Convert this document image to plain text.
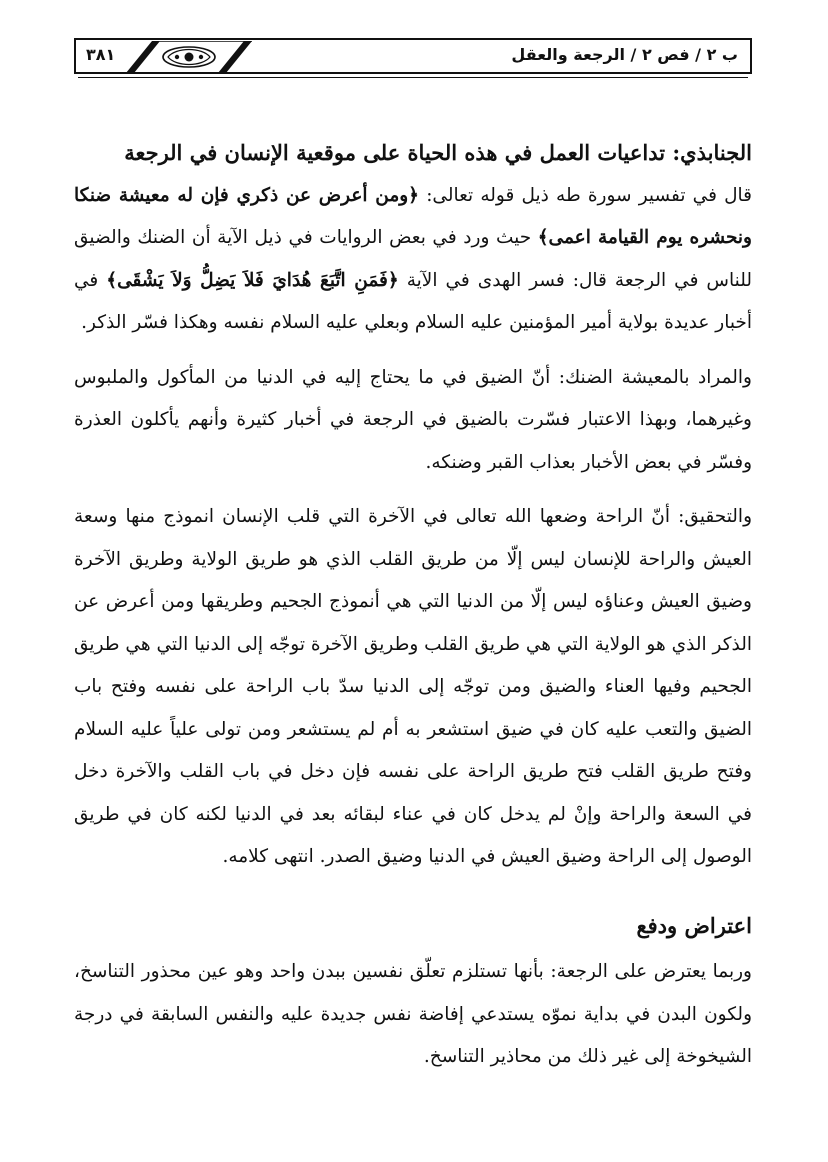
ب ٢ / فص ٢ / الرجعة والعقل
٣٨١

الجنابذي: تداعيات العمل في هذه الحياة على موقعية الإنسان في الرجعة

قال في تفسير سورة طه ذيل قوله تعالى: ﴿ومن أعرض عن ذكري فإن له معيشة ضنكا ونحشره يوم القيامة اعمى﴾ حيث ورد في بعض الروايات في ذيل الآية أن الضنك والضيق للناس في الرجعة قال: فسر الهدى في الآية ﴿فَمَنِ اتَّبَعَ هُدَايَ فَلاَ يَضِلُّ وَلاَ يَشْقَى﴾ في أخبار عديدة بولاية أمير المؤمنين عليه السلام وبعلي عليه السلام نفسه وهكذا فسّر الذكر.

والمراد بالمعيشة الضنك: أنّ الضيق في ما يحتاج إليه في الدنيا من المأكول والملبوس وغيرهما، وبهذا الاعتبار فسّرت بالضيق في الرجعة في أخبار كثيرة وأنهم يأكلون العذرة وفسّر في بعض الأخبار بعذاب القبر وضنكه.

والتحقيق: أنّ الراحة وضعها الله تعالى في الآخرة التي قلب الإنسان انموذج منها وسعة العيش والراحة للإنسان ليس إلّا من طريق القلب الذي هو طريق الولاية وطريق الآخرة وضيق العيش وعناؤه ليس إلّا من الدنيا التي هي أنموذج الجحيم وطريقها ومن أعرض عن الذكر الذي هو الولاية التي هي طريق القلب وطريق الآخرة توجّه إلى الدنيا التي هي طريق الجحيم وفيها العناء والضيق ومن توجّه إلى الدنيا سدّ باب الراحة على نفسه وفتح باب الضيق والتعب عليه كان في ضيق استشعر به أم لم يستشعر ومن تولى علياً عليه السلام وفتح طريق القلب فتح طريق الراحة على نفسه فإن دخل في باب القلب والآخرة دخل في السعة والراحة وإنْ لم يدخل كان في عناء لبقائه بعد في الدنيا لكنه كان في طريق الوصول إلى الراحة وضيق العيش في الدنيا وضيق الصدر. انتهى كلامه.

اعتراض ودفع

وربما يعترض على الرجعة: بأنها تستلزم تعلّق نفسين ببدن واحد وهو عين محذور التناسخ، ولكون البدن في بداية نموّه يستدعي إفاضة نفس جديدة عليه والنفس السابقة في درجة الشيخوخة إلى غير ذلك من محاذير التناسخ.
